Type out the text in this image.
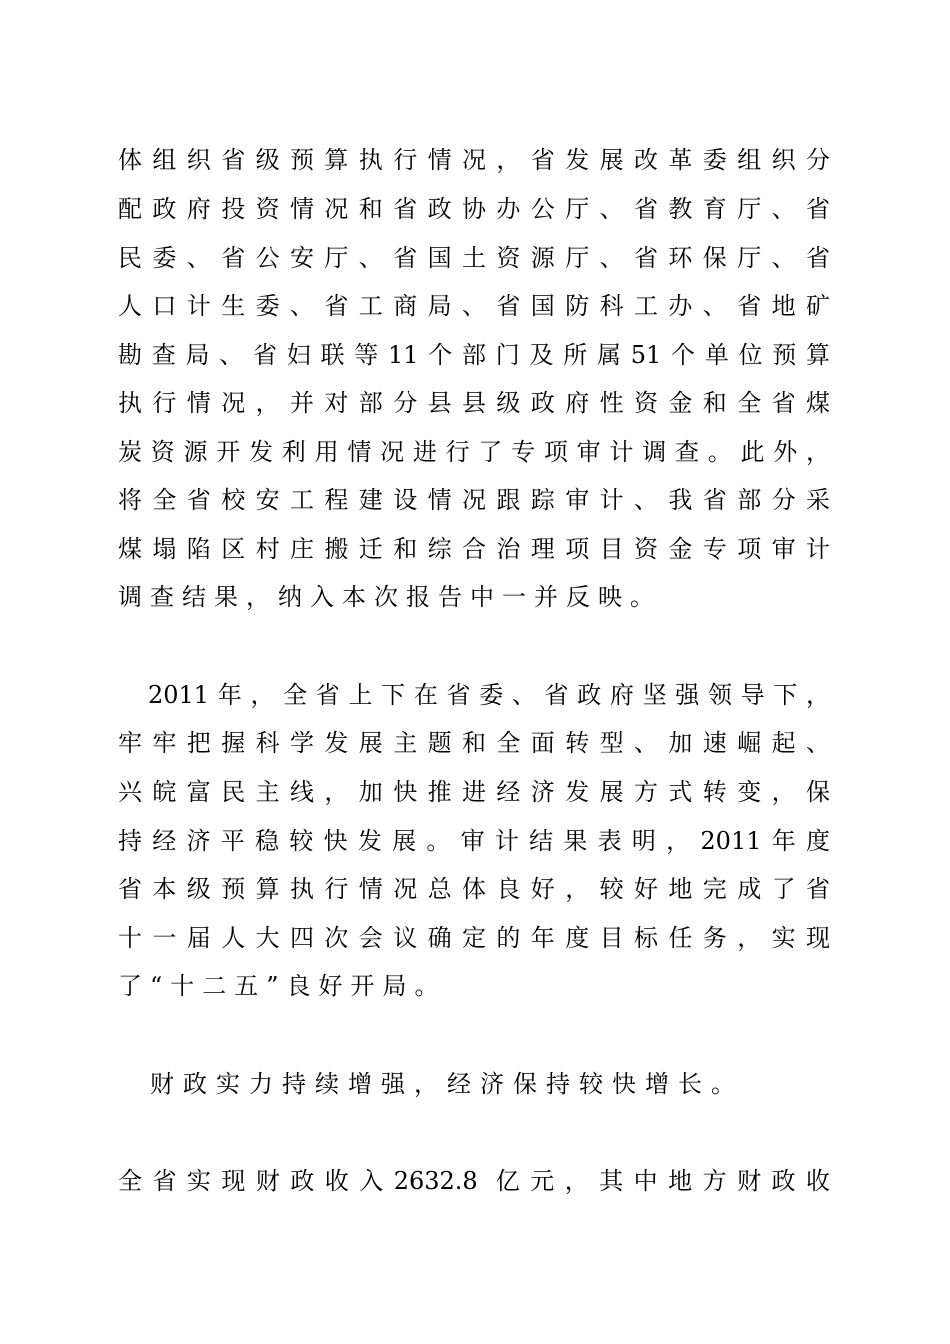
体组织省级预算执行情况，省发展改革委组织分
配政府投资情况和省政协办公厅、省教育厅、省
民委、省公安厅、省国土资源厅、省环保厅、省
人口计生委、省工商局、省国防科工办、省地矿
勘查局、省妇联等11个部门及所属51个单位预算
执行情况，并对部分县县级政府性资金和全省煤
炭资源开发利用情况进行了专项审计调查。此外，
将全省校安工程建设情况跟踪审计、我省部分采
煤塌陷区村庄搬迁和综合治理项目资金专项审计
调查结果，纳入本次报告中一并反映。
2011年，全省上下在省委、省政府坚强领导下，
牢牢把握科学发展主题和全面转型、加速崛起、
兴皖富民主线，加快推进经济发展方式转变，保
持经济平稳较快发展。审计结果表明，2011年度
省本级预算执行情况总体良好，较好地完成了省
十一届人大四次会议确定的年度目标任务，实现
了“十二五”良好开局。
财政实力持续增强，经济保持较快增长。
全省实现财政收入2632.8 亿元，其中地方财政收
